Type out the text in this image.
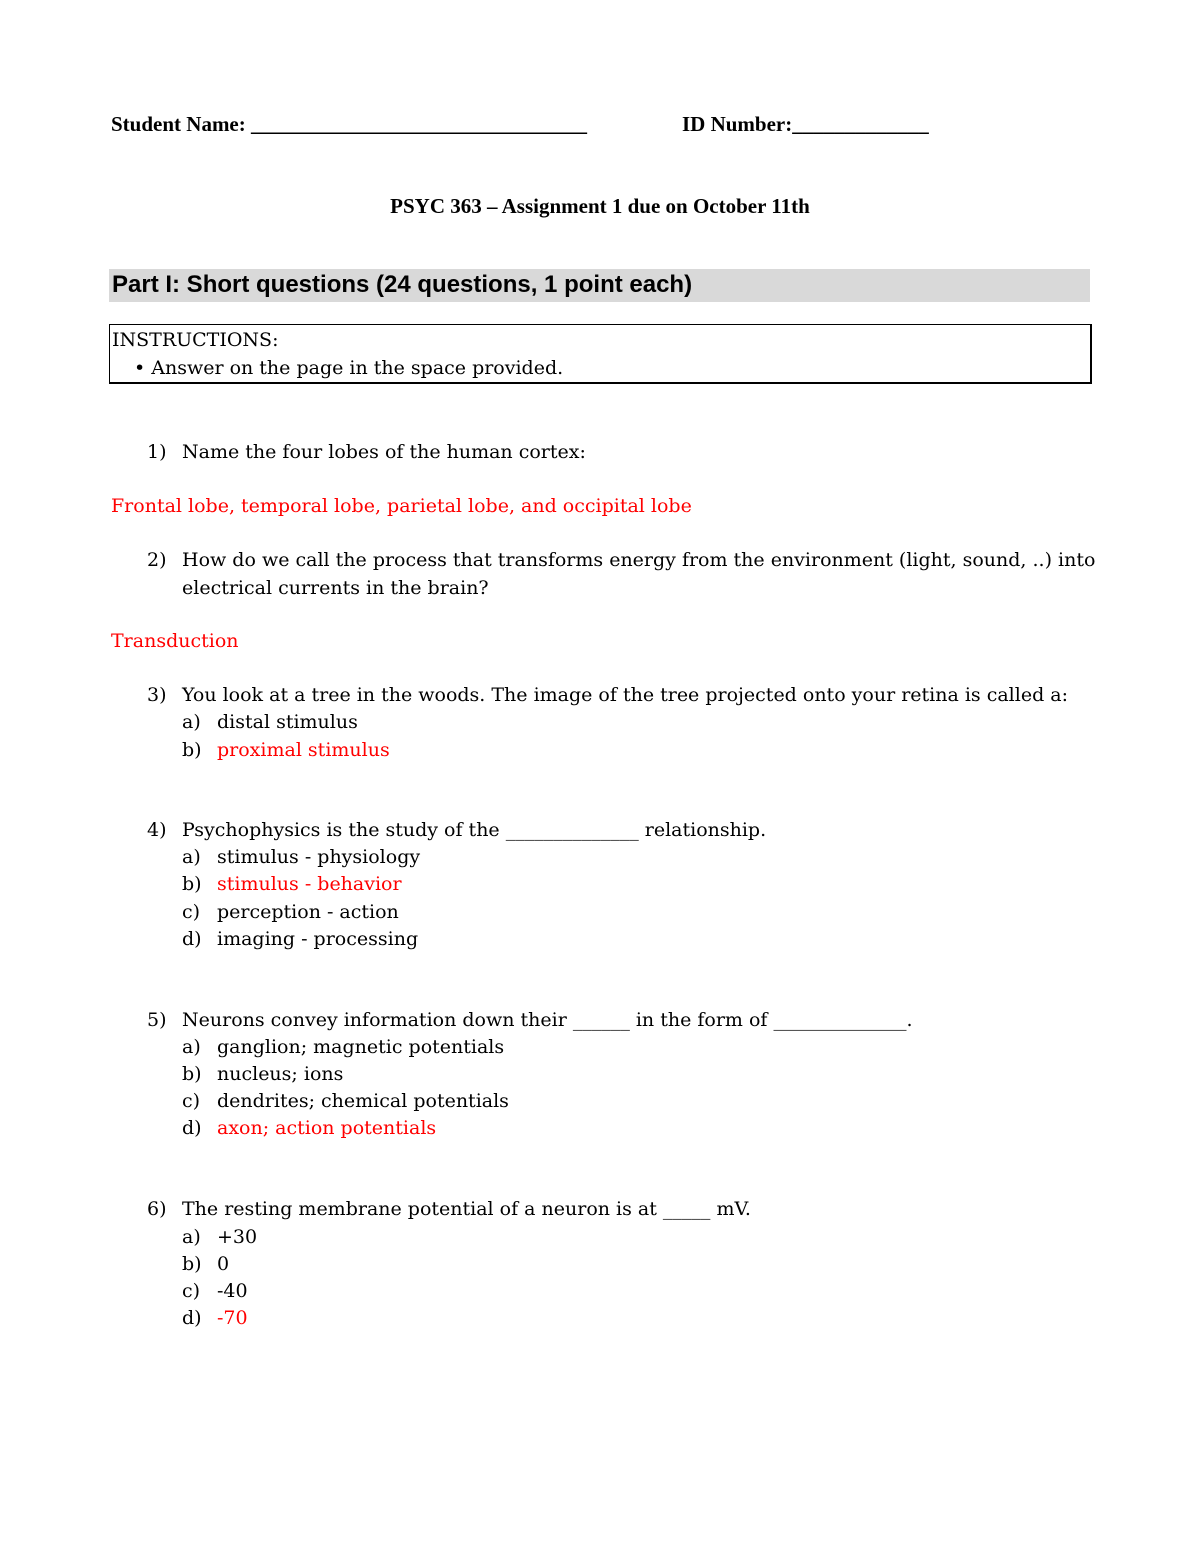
Student Name: ________________________________	ID Number:_____________
PSYC 363 – Assignment 1 due on October 11th
Part I: Short questions (24 questions, 1 point each)
INSTRUCTIONS:
• Answer on the page in the space provided.
1) Name the four lobes of the human cortex:
Frontal lobe, temporal lobe, parietal lobe, and occipital lobe
2) How do we call the process that transforms energy from the environment (light, sound, ..) into
electrical currents in the brain?
Transduction
3) You look at a tree in the woods. The image of the tree projected onto your retina is called a:
a) distal stimulus
b) proximal stimulus
4) Psychophysics is the study of the ______________ relationship.
a) stimulus - physiology
b) stimulus - behavior
c) perception - action
d) imaging - processing
5) Neurons convey information down their ______ in the form of ______________.
a) ganglion; magnetic potentials
b) nucleus; ions
c) dendrites; chemical potentials
d) axon; action potentials
6) The resting membrane potential of a neuron is at _____ mV.
a) +30
b) 0
c) -40
d) -70
